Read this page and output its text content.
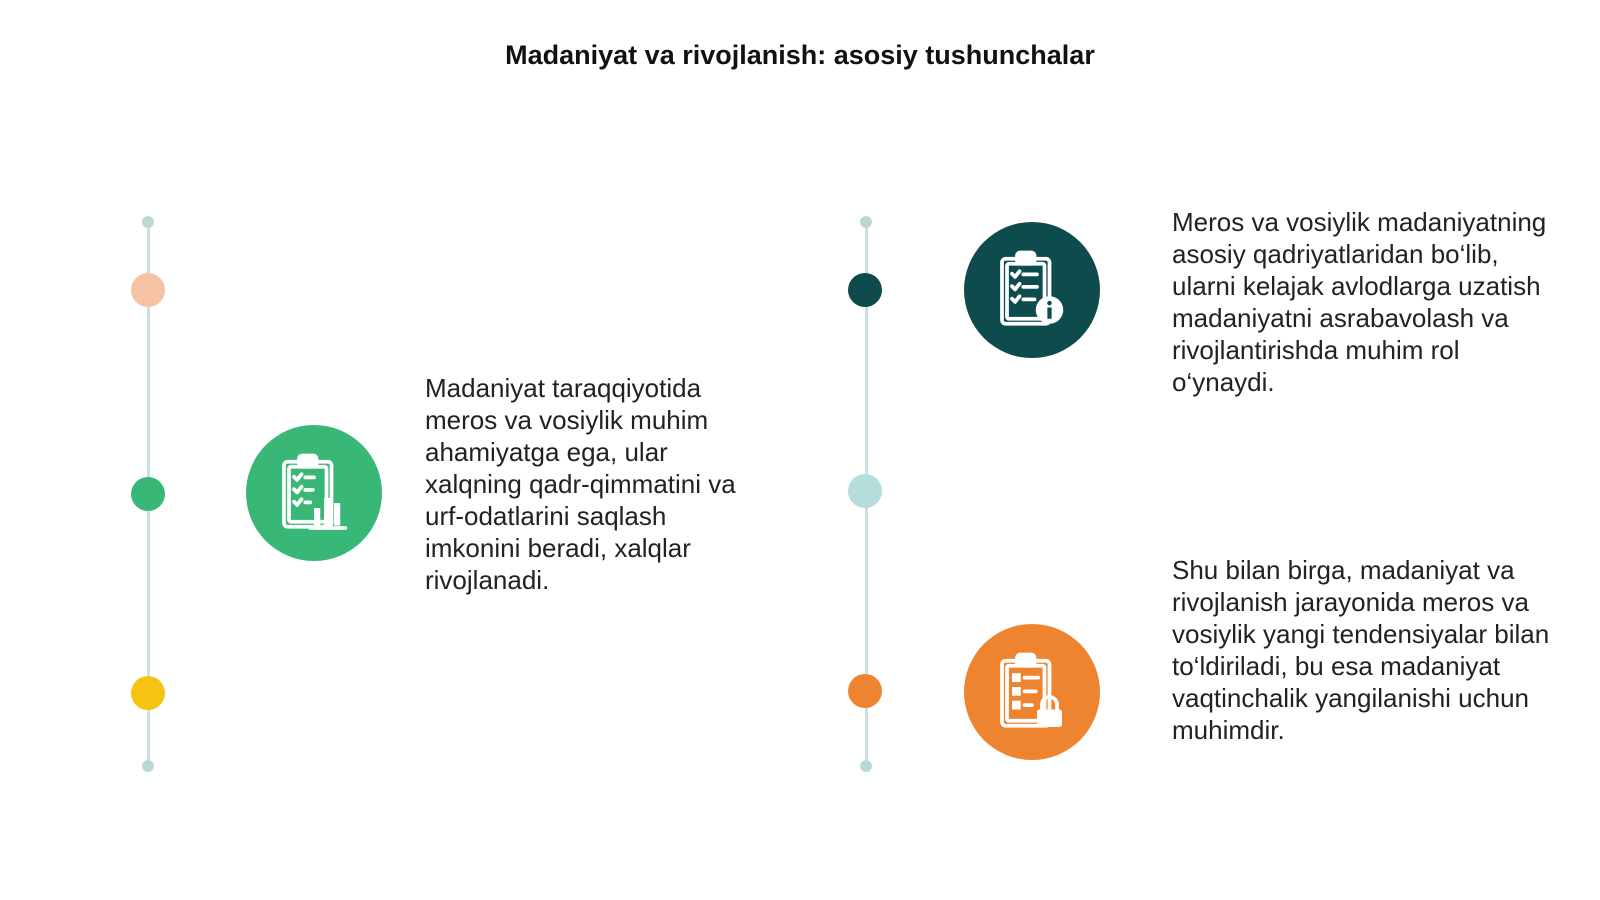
Madaniyat va rivojlanish: asosiy tushunchalar
Madaniyat taraqqiyotida meros va vosiylik muhim ahamiyatga ega, ular xalqning qadr-qimmatini va urf-odatlarini saqlash imkonini beradi, xalqlar rivojlanadi.
Meros va vosiylik madaniyatning asosiy qadriyatlaridan bo‘lib, ularni kelajak avlodlarga uzatish madaniyatni asrabavolash va rivojlantirishda muhim rol o‘ynaydi.
Shu bilan birga, madaniyat va rivojlanish jarayonida meros va vosiylik yangi tendensiyalar bilan to‘ldiriladi, bu esa madaniyat vaqtinchalik yangilanishi uchun muhimdir.
